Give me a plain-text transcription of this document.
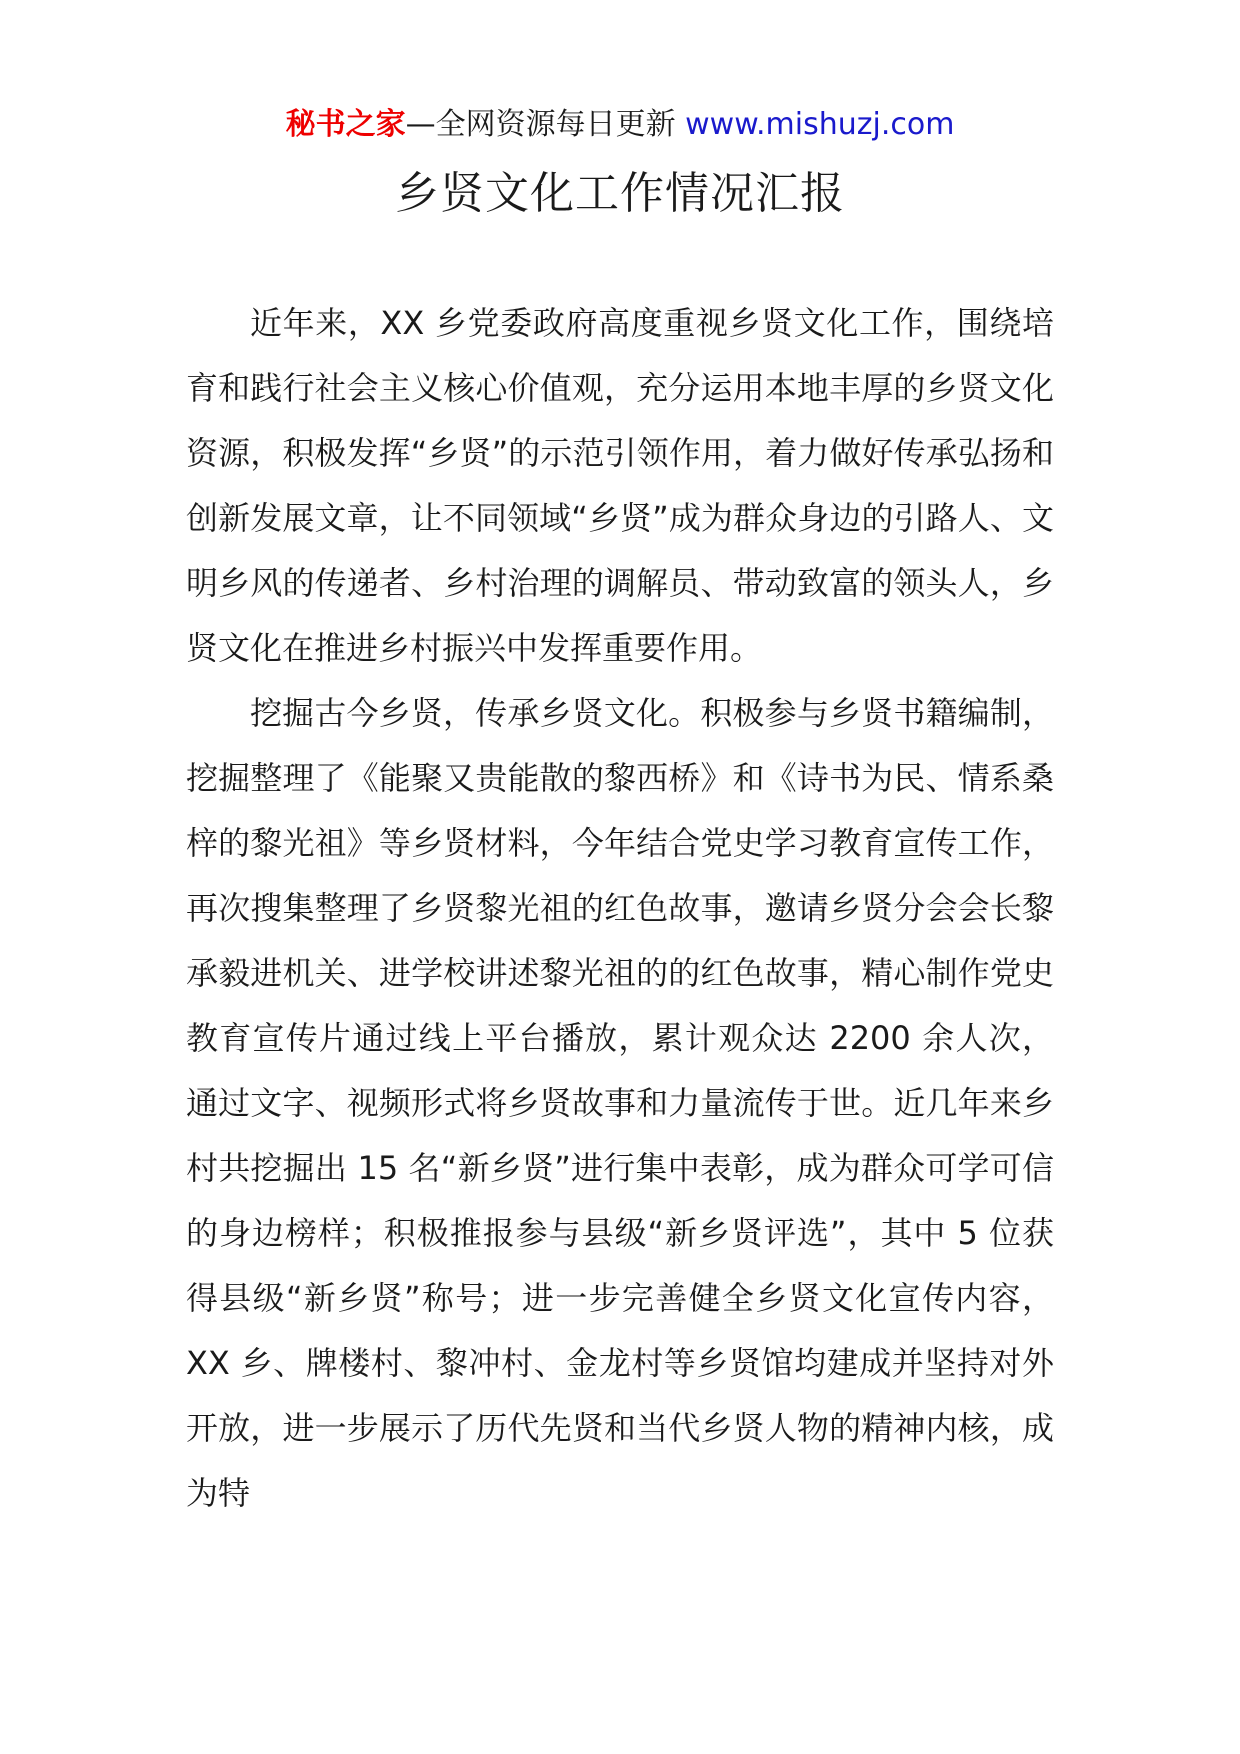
秘书之家—全网资源每日更新 www.mishuzj.com
乡贤文化工作情况汇报

近年来，XX 乡党委政府高度重视乡贤文化工作，围绕培育和践行社会主义核心价值观，充分运用本地丰厚的乡贤文化资源，积极发挥“乡贤”的示范引领作用，着力做好传承弘扬和创新发展文章，让不同领域“乡贤”成为群众身边的引路人、文明乡风的传递者、乡村治理的调解员、带动致富的领头人，乡贤文化在推进乡村振兴中发挥重要作用。

挖掘古今乡贤，传承乡贤文化。积极参与乡贤书籍编制，挖掘整理了《能聚又贵能散的黎西桥》和《诗书为民、情系桑梓的黎光祖》等乡贤材料，今年结合党史学习教育宣传工作，再次搜集整理了乡贤黎光祖的红色故事，邀请乡贤分会会长黎承毅进机关、进学校讲述黎光祖的的红色故事，精心制作党史教育宣传片通过线上平台播放，累计观众达 2200 余人次，通过文字、视频形式将乡贤故事和力量流传于世。近几年来乡村共挖掘出 15 名“新乡贤”进行集中表彰，成为群众可学可信的身边榜样；积极推报参与县级“新乡贤评选”，其中 5 位获得县级“新乡贤”称号；进一步完善健全乡贤文化宣传内容，XX 乡、牌楼村、黎冲村、金龙村等乡贤馆均建成并坚持对外开放，进一步展示了历代先贤和当代乡贤人物的精神内核，成为特
